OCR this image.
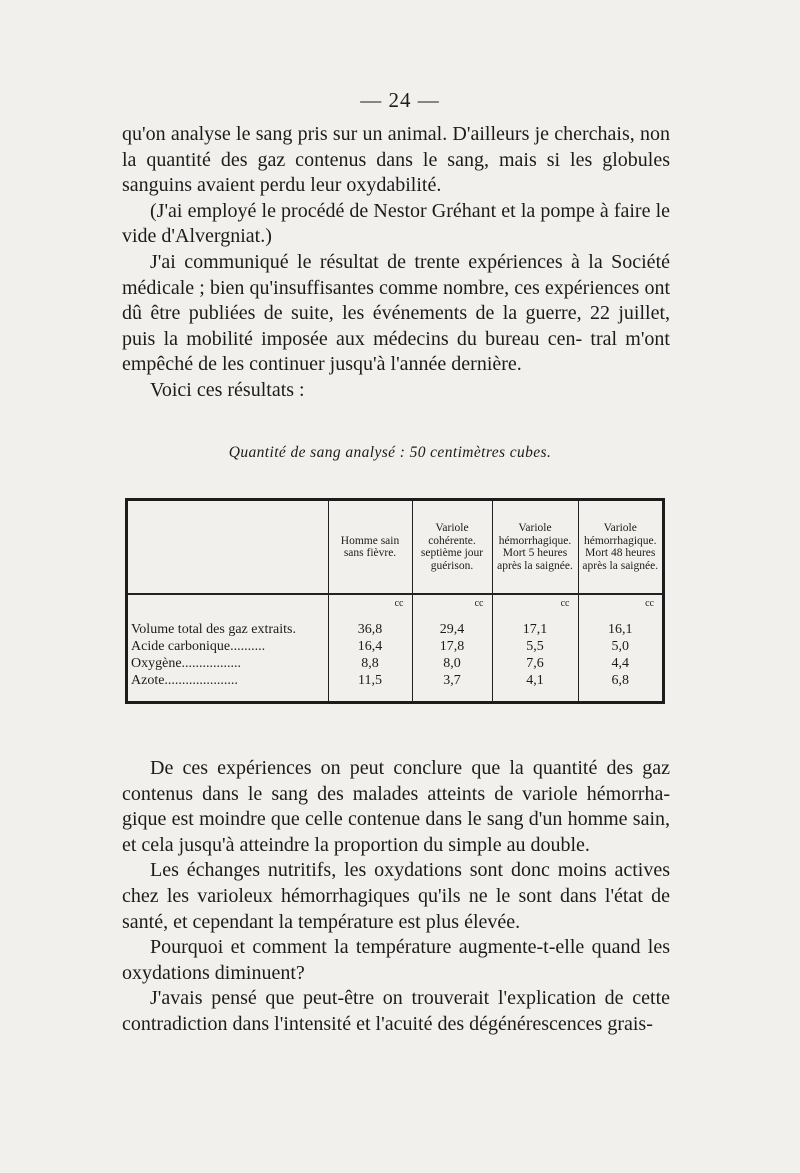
— 24 —

qu'on analyse le sang pris sur un animal. D'ailleurs je cherchais, non la quantité des gaz contenus dans le sang, mais si les globules sanguins avaient perdu leur oxydabilité.

(J'ai employé le procédé de Nestor Gréhant et la pompe à faire le vide d'Alvergniat.)

J'ai communiqué le résultat de trente expériences à la Société médicale ; bien qu'insuffisantes comme nombre, ces expériences ont dû être publiées de suite, les événements de la guerre, 22 juillet, puis la mobilité imposée aux médecins du bureau cen- tral m'ont empêché de les continuer jusqu'à l'année dernière.

Voici ces résultats :

Quantité de sang analysé : 50 centimètres cubes.
	Homme sain sans fièvre.	Variole cohérente. septième jour guérison.	Variole hémorrhagique. Mort 5 heures après la saignée.	Variole hémorrhagique. Mort 48 heures après la saignée.
	cc	cc	cc	cc
Volume total des gaz extraits.	36,8	29,4	17,1	16,1
Acide carbonique..........	16,4	17,8	5,5	5,0
Oxygène.................	8,8	8,0	7,6	4,4
Azote.....................	11,5	3,7	4,1	6,8

De ces expériences on peut conclure que la quantité des gaz contenus dans le sang des malades atteints de variole hémorrha- gique est moindre que celle contenue dans le sang d'un homme sain, et cela jusqu'à atteindre la proportion du simple au double.

Les échanges nutritifs, les oxydations sont donc moins actives chez les varioleux hémorrhagiques qu'ils ne le sont dans l'état de santé, et cependant la température est plus élevée.

Pourquoi et comment la température augmente-t-elle quand les oxydations diminuent?

J'avais pensé que peut-être on trouverait l'explication de cette contradiction dans l'intensité et l'acuité des dégénérescences grais-
